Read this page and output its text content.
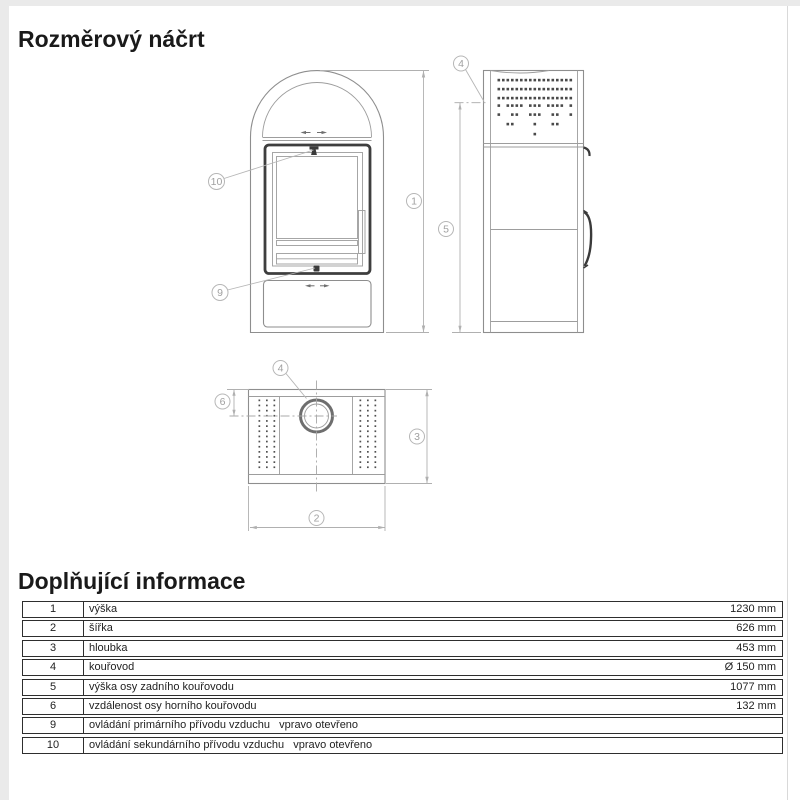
Rozměrový náčrt
10
9
1
5
4
4
6
3
2
Doplňující informace
1	výška	1230 mm
2	šířka	626 mm
3	hloubka	453 mm
4	kouřovod	Ø 150 mm
5	výška osy zadního kouřovodu	1077 mm
6	vzdálenost osy horního kouřovodu	132 mm
9	ovládání primárního přívodu vzduchu   vpravo otevřeno
10	ovládání sekundárního přívodu vzduchu   vpravo otevřeno
